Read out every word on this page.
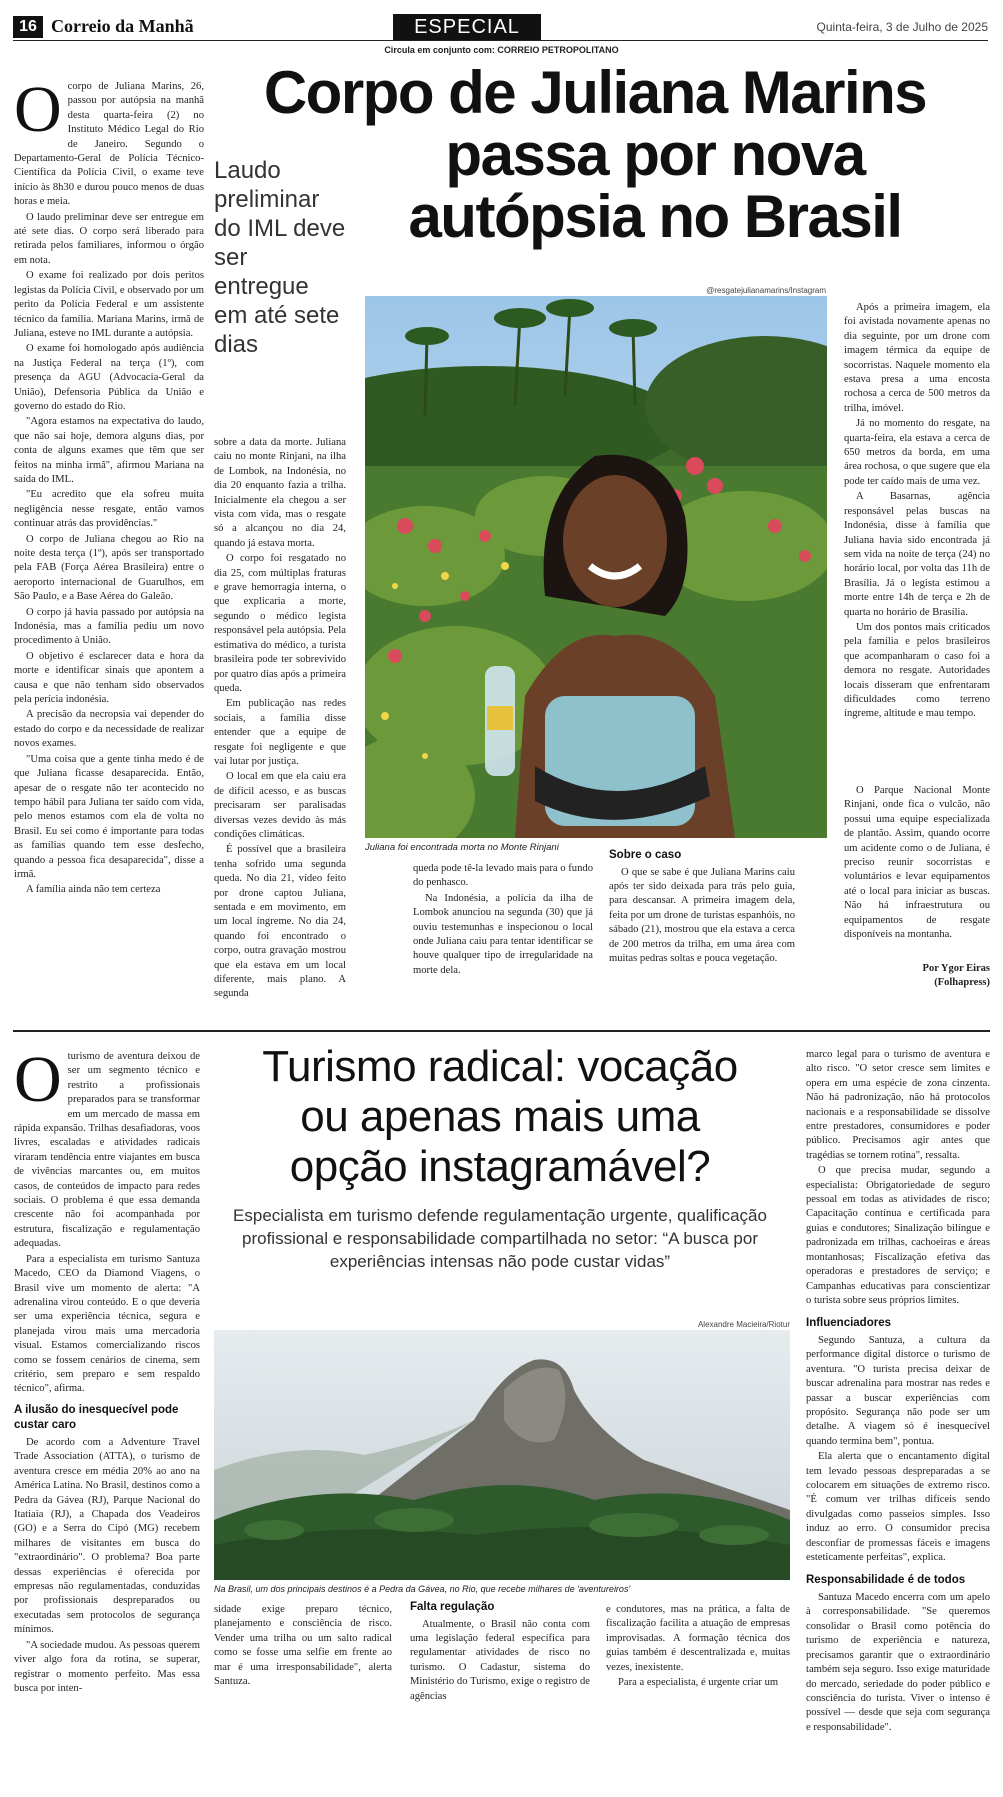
16 Correio da Manhã	ESPECIAL	Quinta-feira, 3 de Julho de 2025
Circula em conjunto com: CORREIO PETROPOLITANO
Corpo de Juliana Marins
passa por nova
autópsia no Brasil
Laudo preliminar do IML deve ser entregue em até sete dias
O corpo de Juliana Marins, 26, passou por autópsia na manhã desta quarta-feira (2) no Instituto Médico Legal do Rio de Janeiro. Segundo o Departamento-Geral de Polícia Técnico-Científica da Polícia Civil, o exame teve início às 8h30 e durou pouco menos de duas horas e meia.

O laudo preliminar deve ser entregue em até sete dias. O corpo será liberado para retirada pelos familiares, informou o órgão em nota.

O exame foi realizado por dois peritos legistas da Polícia Civil, e observado por um perito da Polícia Federal e um assistente técnico da família. Mariana Marins, irmã de Juliana, esteve no IML durante a autópsia.

O exame foi homologado após audiência na Justiça Federal na terça (1º), com presença da AGU (Advocacia-Geral da União), Defensoria Pública da União e governo do estado do Rio.

"Agora estamos na expectativa do laudo, que não sai hoje, demora alguns dias, por conta de alguns exames que têm que ser feitos na minha irmã", afirmou Mariana na saída do IML.

"Eu acredito que ela sofreu muita negligência nesse resgate, então vamos continuar atrás das providências."

O corpo de Juliana chegou ao Rio na noite desta terça (1º), após ser transportado pela FAB (Força Aérea Brasileira) entre o aeroporto internacional de Guarulhos, em São Paulo, e a Base Aérea do Galeão.

O corpo já havia passado por autópsia na Indonésia, mas a família pediu um novo procedimento à União.

O objetivo é esclarecer data e hora da morte e identificar sinais que apontem a causa e que não tenham sido observados pela perícia indonésia.

A precisão da necropsia vai depender do estado do corpo e da necessidade de realizar novos exames.

"Uma coisa que a gente tinha medo é de que Juliana ficasse desaparecida. Então, apesar de o resgate não ter acontecido no tempo hábil para Juliana ter saído com vida, pelo menos estamos com ela de volta no Brasil. Eu sei como é importante para todas as famílias quando tem esse desfecho, quando a pessoa fica desaparecida", disse a irmã.

A família ainda não tem certeza

sobre a data da morte. Juliana caiu no monte Rinjani, na ilha de Lombok, na Indonésia, no dia 20 enquanto fazia a trilha. Inicialmente ela chegou a ser vista com vida, mas o resgate só a alcançou no dia 24, quando já estava morta.

O corpo foi resgatado no dia 25, com múltiplas fraturas e grave hemorragia interna, o que explicaria a morte, segundo o médico legista responsável pela autópsia. Pela estimativa do médico, a turista brasileira pode ter sobrevivido por quatro dias após a primeira queda.

Em publicação nas redes sociais, a família disse entender que a equipe de resgate foi negligente e que vai lutar por justiça.

O local em que ela caiu era de difícil acesso, e as buscas precisaram ser paralisadas diversas vezes devido às más condições climáticas.

É possível que a brasileira tenha sofrido uma segunda queda. No dia 21, vídeo feito por drone captou Juliana, sentada e em movimento, em um local íngreme. No dia 24, quando foi encontrado o corpo, outra gravação mostrou que ela estava em um local diferente, mais plano. A segunda

@resgatejulianamarins/Instagram
Juliana foi encontrada morta no Monte Rinjani

queda pode tê-la levado mais para o fundo do penhasco.

Na Indonésia, a polícia da ilha de Lombok anunciou na segunda (30) que já ouviu testemunhas e inspecionou o local onde Juliana caiu para tentar identificar se houve qualquer tipo de irregularidade na morte dela.

Sobre o caso

O que se sabe é que Juliana Marins caiu após ter sido deixada para trás pelo guia, para descansar. A primeira imagem dela, feita por um drone de turistas espanhóis, no sábado (21), mostrou que ela estava a cerca de 200 metros da trilha, em uma área com muitas pedras soltas e pouca vegetação.

Após a primeira imagem, ela foi avistada novamente apenas no dia seguinte, por um drone com imagem térmica da equipe de socorristas. Naquele momento ela estava presa a uma encosta rochosa a cerca de 500 metros da trilha, imóvel.

Já no momento do resgate, na quarta-feira, ela estava a cerca de 650 metros da borda, em uma área rochosa, o que sugere que ela pode ter caído mais de uma vez.

A Basarnas, agência responsável pelas buscas na Indonésia, disse à família que Juliana havia sido encontrada já sem vida na noite de terça (24) no horário local, por volta das 11h de Brasília. Já o legista estimou a morte entre 14h de terça e 2h de quarta no horário de Brasília.

Um dos pontos mais criticados pela família e pelos brasileiros que acompanharam o caso foi a demora no resgate. Autoridades locais disseram que enfrentaram dificuldades como terreno íngreme, altitude e mau tempo.

O Parque Nacional Monte Rinjani, onde fica o vulcão, não possui uma equipe especializada de plantão. Assim, quando ocorre um acidente como o de Juliana, é preciso reunir socorristas e voluntários e levar equipamentos até o local para iniciar as buscas. Não há infraestrutura ou equipamentos de resgate disponíveis na montanha.

Por Ygor Eiras
(Folhapress)
Turismo radical: vocação
ou apenas mais uma
opção instagramável?
Especialista em turismo defende regulamentação urgente, qualificação profissional e responsabilidade compartilhada no setor: “A busca por experiências intensas não pode custar vidas”
O turismo de aventura deixou de ser um segmento técnico e restrito a profissionais preparados para se transformar em um mercado de massa em rápida expansão. Trilhas desafiadoras, voos livres, escaladas e atividades radicais viraram tendência entre viajantes em busca de vivências marcantes ou, em muitos casos, de conteúdos de impacto para redes sociais. O problema é que essa demanda crescente não foi acompanhada por estrutura, fiscalização e regulamentação adequadas.

Para a especialista em turismo Santuza Macedo, CEO da Diamond Viagens, o Brasil vive um momento de alerta: "A adrenalina virou conteúdo. E o que deveria ser uma experiência técnica, segura e planejada virou mais uma mercadoria visual. Estamos comercializando riscos como se fossem cenários de cinema, sem critério, sem preparo e sem respaldo técnico", afirma.

A ilusão do inesquecível pode custar caro

De acordo com a Adventure Travel Trade Association (ATTA), o turismo de aventura cresce em média 20% ao ano na América Latina. No Brasil, destinos como a Pedra da Gávea (RJ), Parque Nacional do Itatiaia (RJ), a Chapada dos Veadeiros (GO) e a Serra do Cipó (MG) recebem milhares de visitantes em busca do "extraordinário". O problema? Boa parte dessas experiências é oferecida por empresas não regulamentadas, conduzidas por profissionais despreparados ou executadas sem protocolos de segurança mínimos.

"A sociedade mudou. As pessoas querem viver algo fora da rotina, se superar, registrar o momento perfeito. Mas essa busca por inten-

Alexandre Macieira/Riotur
Na Brasil, um dos principais destinos é a Pedra da Gávea, no Rio, que recebe milhares de 'aventureiros'

sidade exige preparo técnico, planejamento e consciência de risco. Vender uma trilha ou um salto radical como se fosse uma selfie em frente ao mar é uma irresponsabilidade", alerta Santuza.

Falta regulação

Atualmente, o Brasil não conta com uma legislação federal específica para regulamentar atividades de risco no turismo. O Cadastur, sistema do Ministério do Turismo, exige o registro de agências

e condutores, mas na prática, a falta de fiscalização facilita a atuação de empresas improvisadas. A formação técnica dos guias também é descentralizada e, muitas vezes, inexistente.

Para a especialista, é urgente criar um

marco legal para o turismo de aventura e alto risco. "O setor cresce sem limites e opera em uma espécie de zona cinzenta. Não há padronização, não há protocolos nacionais e a responsabilidade se dissolve entre prestadores, consumidores e poder público. Precisamos agir antes que tragédias se tornem rotina", ressalta.

O que precisa mudar, segundo a especialista: Obrigatoriedade de seguro pessoal em todas as atividades de risco; Capacitação contínua e certificada para guias e condutores; Sinalização bilíngue e padronizada em trilhas, cachoeiras e áreas montanhosas; Fiscalização efetiva das operadoras e prestadores de serviço; e Campanhas educativas para conscientizar o turista sobre seus próprios limites.

Influenciadores

Segundo Santuza, a cultura da performance digital distorce o turismo de aventura. "O turista precisa deixar de buscar adrenalina para mostrar nas redes e passar a buscar experiências com propósito. Segurança não pode ser um detalhe. A viagem só é inesquecível quando termina bem", pontua.

Ela alerta que o encantamento digital tem levado pessoas despreparadas a se colocarem em situações de extremo risco. "É comum ver trilhas difíceis sendo divulgadas como passeios simples. Isso induz ao erro. O consumidor precisa desconfiar de promessas fáceis e imagens esteticamente perfeitas", explica.

Responsabilidade é de todos

Santuza Macedo encerra com um apelo à corresponsabilidade. "Se queremos consolidar o Brasil como potência do turismo de experiência e natureza, precisamos garantir que o extraordinário também seja seguro. Isso exige maturidade do mercado, seriedade do poder público e consciência do turista. Viver o intenso é possível — desde que seja com segurança e responsabilidade".
